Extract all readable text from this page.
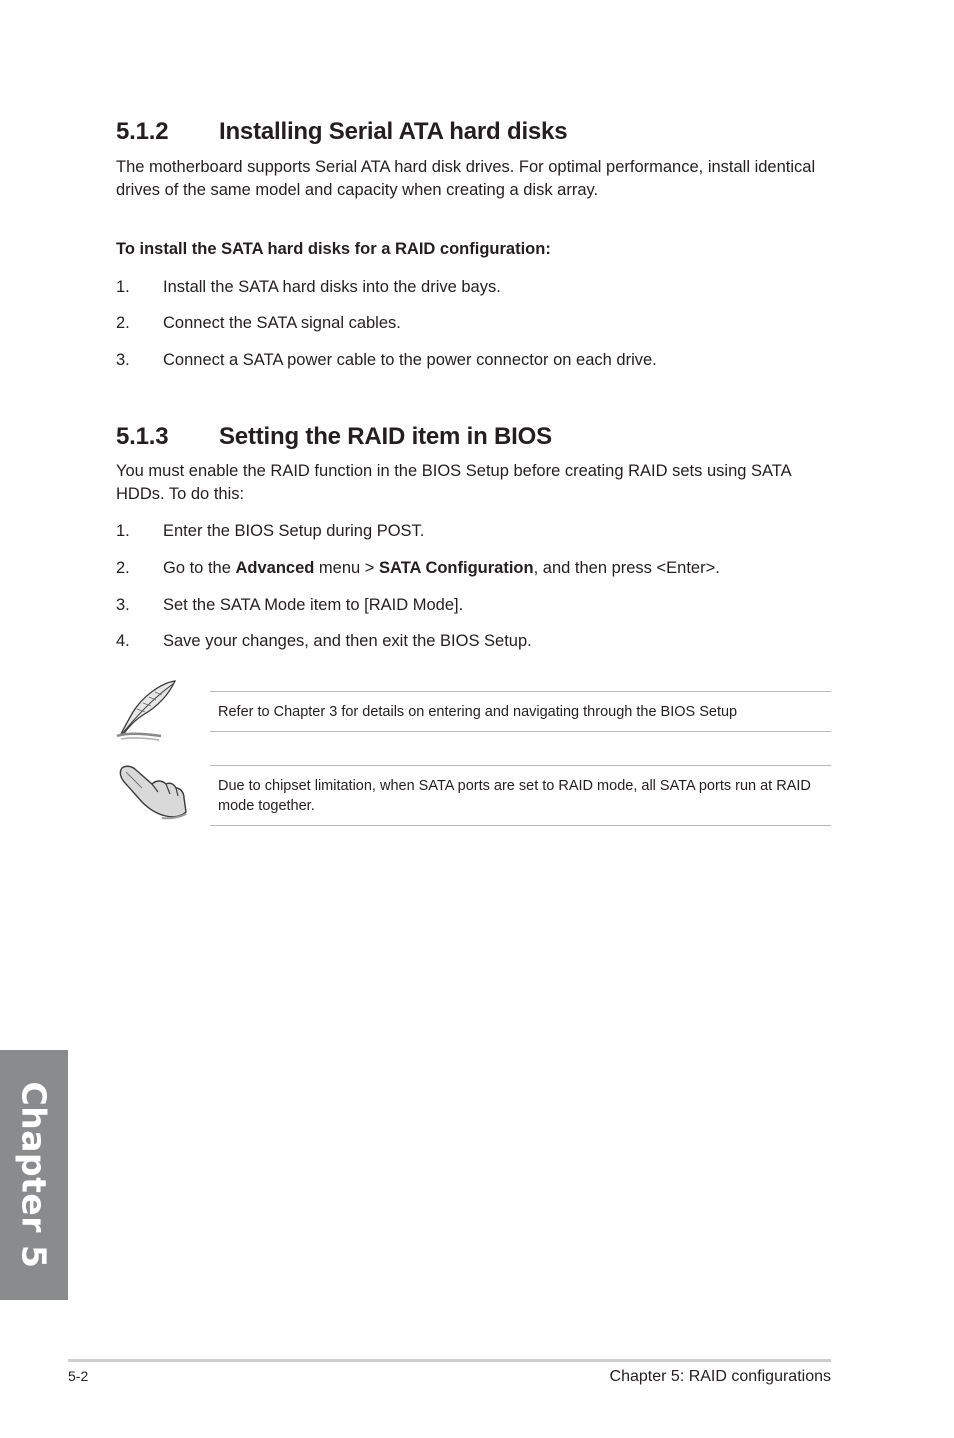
5.1.2 Installing Serial ATA hard disks

The motherboard supports Serial ATA hard disk drives. For optimal performance, install identical drives of the same model and capacity when creating a disk array.

To install the SATA hard disks for a RAID configuration:
1. Install the SATA hard disks into the drive bays.
2. Connect the SATA signal cables.
3. Connect a SATA power cable to the power connector on each drive.
5.1.3 Setting the RAID item in BIOS

You must enable the RAID function in the BIOS Setup before creating RAID sets using SATA HDDs. To do this:

1. Enter the BIOS Setup during POST.
2. Go to the Advanced menu > SATA Configuration, and then press <Enter>.
3. Set the SATA Mode item to [RAID Mode].
4. Save your changes, and then exit the BIOS Setup.
Refer to Chapter 3 for details on entering and navigating through the BIOS Setup
Due to chipset limitation, when SATA ports are set to RAID mode, all SATA ports run at RAID mode together.
Chapter 5
5-2	Chapter 5: RAID configurations
